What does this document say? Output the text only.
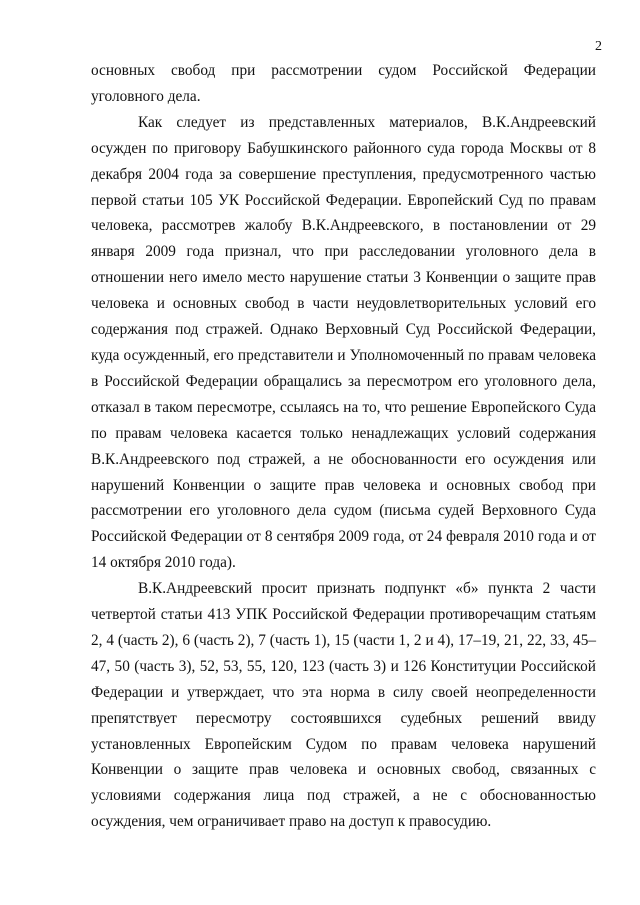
2

основных свобод при рассмотрении судом Российской Федерации уголовного дела.

Как следует из представленных материалов, В.К.Андреевский осужден по приговору Бабушкинского районного суда города Москвы от 8 декабря 2004 года за совершение преступления, предусмотренного частью первой статьи 105 УК Российской Федерации. Европейский Суд по правам человека, рассмотрев жалобу В.К.Андреевского, в постановлении от 29 января 2009 года признал, что при расследовании уголовного дела в отношении него имело место нарушение статьи 3 Конвенции о защите прав человека и основных свобод в части неудовлетворительных условий его содержания под стражей. Однако Верховный Суд Российской Федерации, куда осужденный, его представители и Уполномоченный по правам человека в Российской Федерации обращались за пересмотром его уголовного дела, отказал в таком пересмотре, ссылаясь на то, что решение Европейского Суда по правам человека касается только ненадлежащих условий содержания В.К.Андреевского под стражей, а не обоснованности его осуждения или нарушений Конвенции о защите прав человека и основных свобод при рассмотрении его уголовного дела судом (письма судей Верховного Суда Российской Федерации от 8 сентября 2009 года, от 24 февраля 2010 года и от 14 октября 2010 года).

В.К.Андреевский просит признать подпункт «б» пункта 2 части четвертой статьи 413 УПК Российской Федерации противоречащим статьям 2, 4 (часть 2), 6 (часть 2), 7 (часть 1), 15 (части 1, 2 и 4), 17–19, 21, 22, 33, 45–47, 50 (часть 3), 52, 53, 55, 120, 123 (часть 3) и 126 Конституции Российской Федерации и утверждает, что эта норма в силу своей неопределенности препятствует пересмотру состоявшихся судебных решений ввиду установленных Европейским Судом по правам человека нарушений Конвенции о защите прав человека и основных свобод, связанных с условиями содержания лица под стражей, а не с обоснованностью осуждения, чем ограничивает право на доступ к правосудию.
